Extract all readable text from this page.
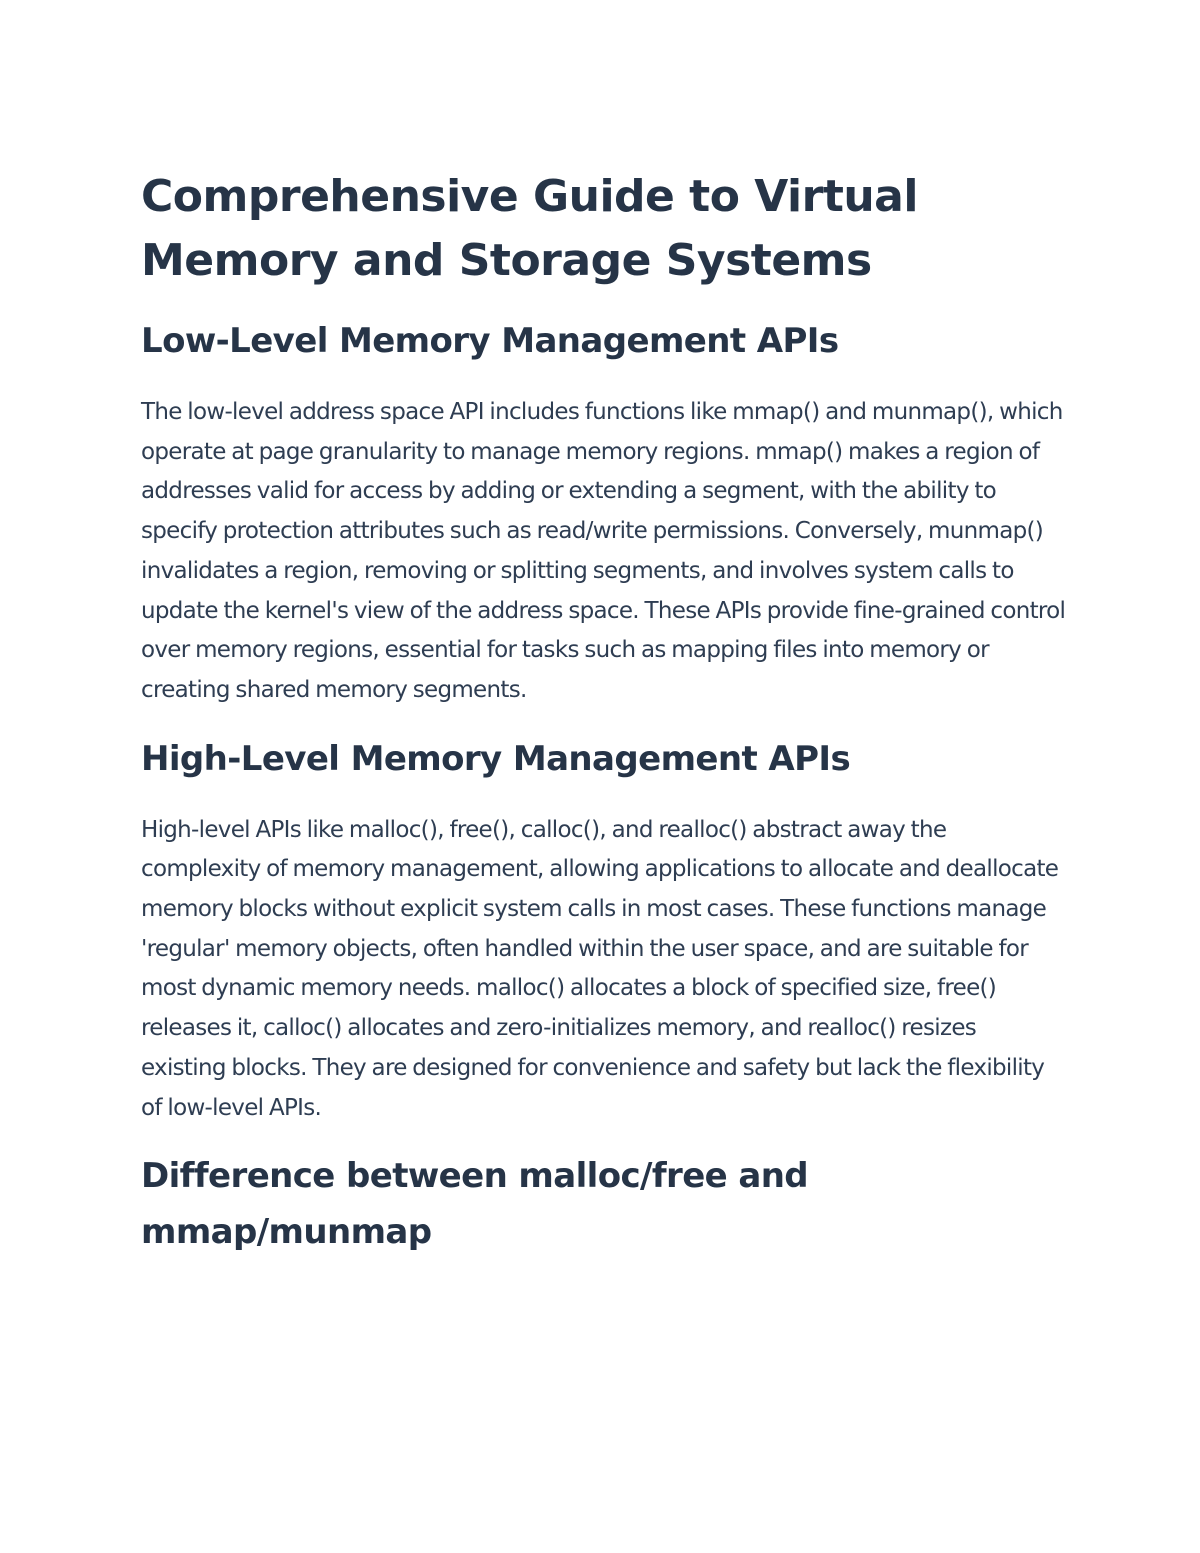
Comprehensive Guide to Virtual Memory and Storage Systems
Low-Level Memory Management APIs

The low-level address space API includes functions like mmap() and munmap(), which operate at page granularity to manage memory regions. mmap() makes a region of addresses valid for access by adding or extending a segment, with the ability to specify protection attributes such as read/write permissions. Conversely, munmap() invalidates a region, removing or splitting segments, and involves system calls to update the kernel's view of the address space. These APIs provide fine-grained control over memory regions, essential for tasks such as mapping files into memory or creating shared memory segments.

High-Level Memory Management APIs

High-level APIs like malloc(), free(), calloc(), and realloc() abstract away the complexity of memory management, allowing applications to allocate and deallocate memory blocks without explicit system calls in most cases. These functions manage 'regular' memory objects, often handled within the user space, and are suitable for most dynamic memory needs. malloc() allocates a block of specified size, free() releases it, calloc() allocates and zero-initializes memory, and realloc() resizes existing blocks. They are designed for convenience and safety but lack the flexibility of low-level APIs.

Difference between malloc/free and mmap/munmap
